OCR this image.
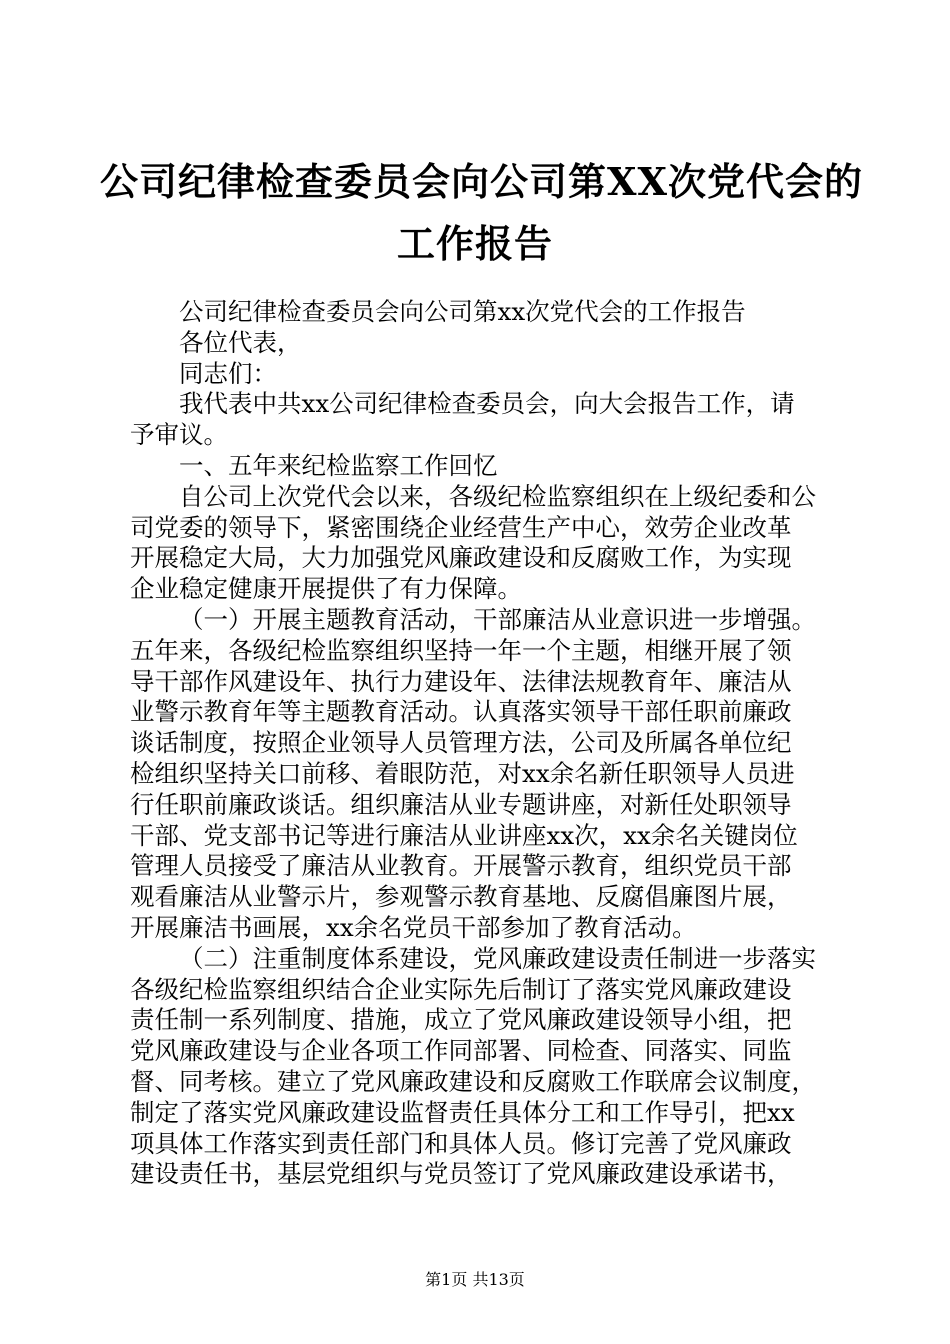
公司纪律检查委员会向公司第XX次党代会的
工作报告
公司纪律检查委员会向公司第xx次党代会的工作报告
各位代表，
同志们：
我代表中共xx公司纪律检查委员会，向大会报告工作，请
予审议。
一、五年来纪检监察工作回忆
自公司上次党代会以来，各级纪检监察组织在上级纪委和公
司党委的领导下，紧密围绕企业经营生产中心，效劳企业改革
开展稳定大局，大力加强党风廉政建设和反腐败工作，为实现
企业稳定健康开展提供了有力保障。
（一）开展主题教育活动，干部廉洁从业意识进一步增强。
五年来，各级纪检监察组织坚持一年一个主题，相继开展了领
导干部作风建设年、执行力建设年、法律法规教育年、廉洁从
业警示教育年等主题教育活动。认真落实领导干部任职前廉政
谈话制度，按照企业领导人员管理方法，公司及所属各单位纪
检组织坚持关口前移、着眼防范，对xx余名新任职领导人员进
行任职前廉政谈话。组织廉洁从业专题讲座，对新任处职领导
干部、党支部书记等进行廉洁从业讲座xx次，xx余名关键岗位
管理人员接受了廉洁从业教育。开展警示教育，组织党员干部
观看廉洁从业警示片，参观警示教育基地、反腐倡廉图片展，
开展廉洁书画展，xx余名党员干部参加了教育活动。
（二）注重制度体系建设，党风廉政建设责任制进一步落实
各级纪检监察组织结合企业实际先后制订了落实党风廉政建设
责任制一系列制度、措施，成立了党风廉政建设领导小组，把
党风廉政建设与企业各项工作同部署、同检查、同落实、同监
督、同考核。建立了党风廉政建设和反腐败工作联席会议制度，
制定了落实党风廉政建设监督责任具体分工和工作导引，把xx
项具体工作落实到责任部门和具体人员。修订完善了党风廉政
建设责任书，基层党组织与党员签订了党风廉政建设承诺书，
第1页 共13页
